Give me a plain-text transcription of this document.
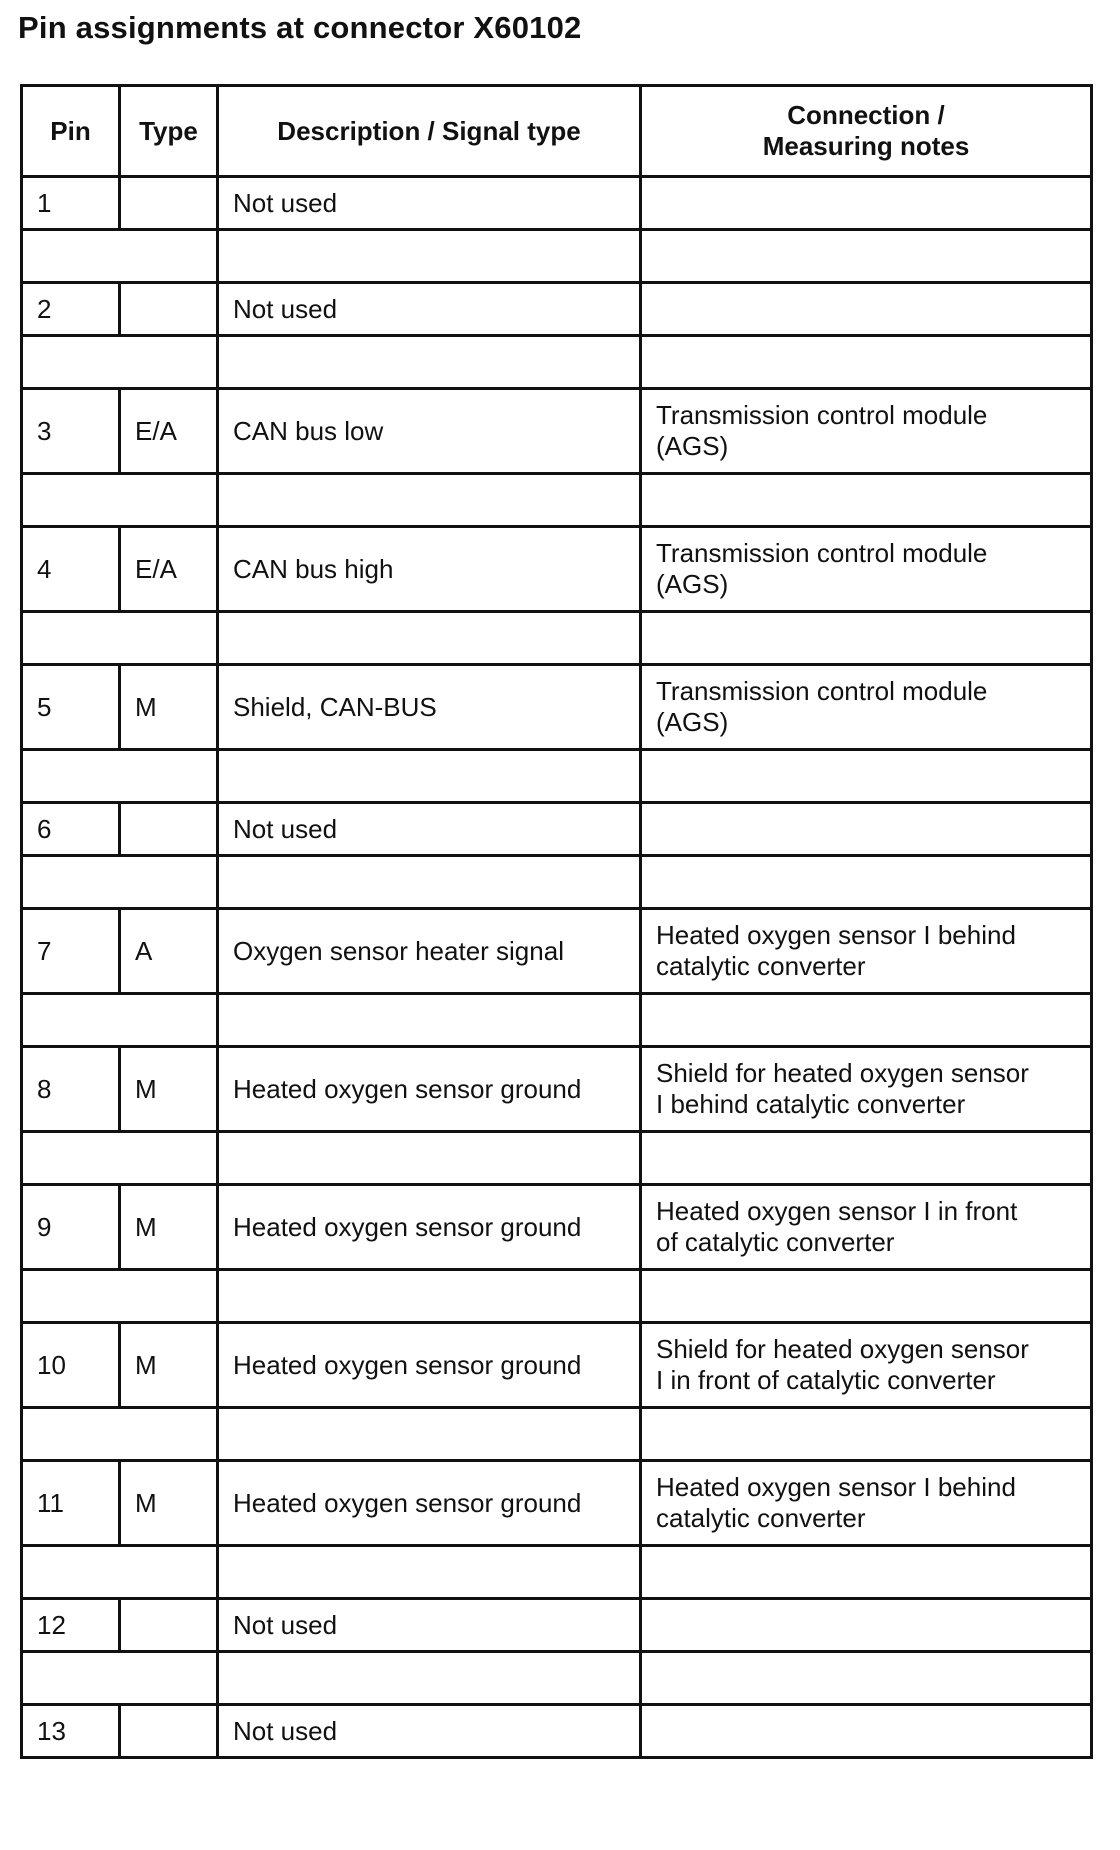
Pin assignments at connector X60102
Pin	Type	Description / Signal type	Connection /
Measuring notes

1		Not used	

2		Not used	

3	E/A	CAN bus low	Transmission control module
(AGS)

4	E/A	CAN bus high	Transmission control module
(AGS)

5	M	Shield, CAN-BUS	Transmission control module
(AGS)

6		Not used	

7	A	Oxygen sensor heater signal	Heated oxygen sensor I behind
catalytic converter

8	M	Heated oxygen sensor ground	Shield for heated oxygen sensor
I behind catalytic converter

9	M	Heated oxygen sensor ground	Heated oxygen sensor I in front
of catalytic converter

10	M	Heated oxygen sensor ground	Shield for heated oxygen sensor
I in front of catalytic converter

11	M	Heated oxygen sensor ground	Heated oxygen sensor I behind
catalytic converter

12		Not used	

13		Not used	
